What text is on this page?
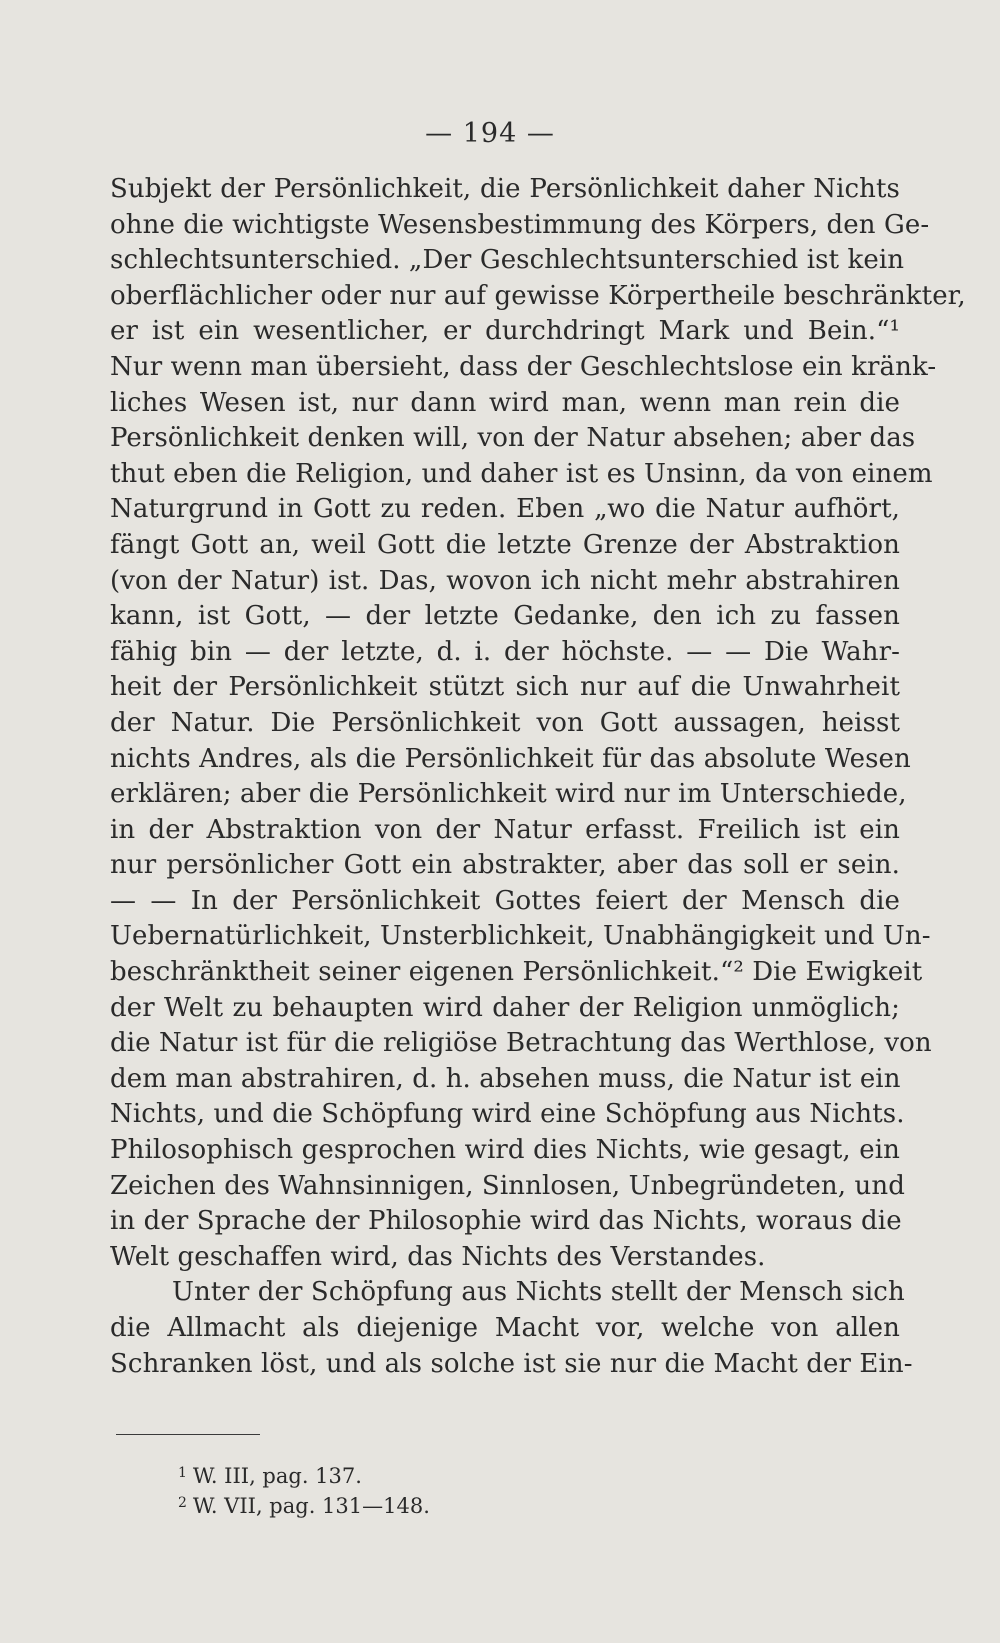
— 194 —
Subjekt der Persönlichkeit, die Persönlichkeit daher Nichts
ohne die wichtigste Wesensbestimmung des Körpers, den Ge-
schlechtsunterschied. „Der Geschlechtsunterschied ist kein
oberflächlicher oder nur auf gewisse Körpertheile beschränkter,
er ist ein wesentlicher, er durchdringt Mark und Bein.“¹
Nur wenn man übersieht, dass der Geschlechtslose ein kränk-
liches Wesen ist, nur dann wird man, wenn man rein die
Persönlichkeit denken will, von der Natur absehen; aber das
thut eben die Religion, und daher ist es Unsinn, da von einem
Naturgrund in Gott zu reden. Eben „wo die Natur aufhört,
fängt Gott an, weil Gott die letzte Grenze der Abstraktion
(von der Natur) ist. Das, wovon ich nicht mehr abstrahiren
kann, ist Gott, — der letzte Gedanke, den ich zu fassen
fähig bin — der letzte, d. i. der höchste. — — Die Wahr-
heit der Persönlichkeit stützt sich nur auf die Unwahrheit
der Natur. Die Persönlichkeit von Gott aussagen, heisst
nichts Andres, als die Persönlichkeit für das absolute Wesen
erklären; aber die Persönlichkeit wird nur im Unterschiede,
in der Abstraktion von der Natur erfasst. Freilich ist ein
nur persönlicher Gott ein abstrakter, aber das soll er sein.
— — In der Persönlichkeit Gottes feiert der Mensch die
Uebernatürlichkeit, Unsterblichkeit, Unabhängigkeit und Un-
beschränktheit seiner eigenen Persönlichkeit.“² Die Ewigkeit
der Welt zu behaupten wird daher der Religion unmöglich;
die Natur ist für die religiöse Betrachtung das Werthlose, von
dem man abstrahiren, d. h. absehen muss, die Natur ist ein
Nichts, und die Schöpfung wird eine Schöpfung aus Nichts.
Philosophisch gesprochen wird dies Nichts, wie gesagt, ein
Zeichen des Wahnsinnigen, Sinnlosen, Unbegründeten, und
in der Sprache der Philosophie wird das Nichts, woraus die
Welt geschaffen wird, das Nichts des Verstandes.
Unter der Schöpfung aus Nichts stellt der Mensch sich
die Allmacht als diejenige Macht vor, welche von allen
Schranken löst, und als solche ist sie nur die Macht der Ein-
$^1$ W. III, pag. 137.
$^2$ W. VII, pag. 131—148.
